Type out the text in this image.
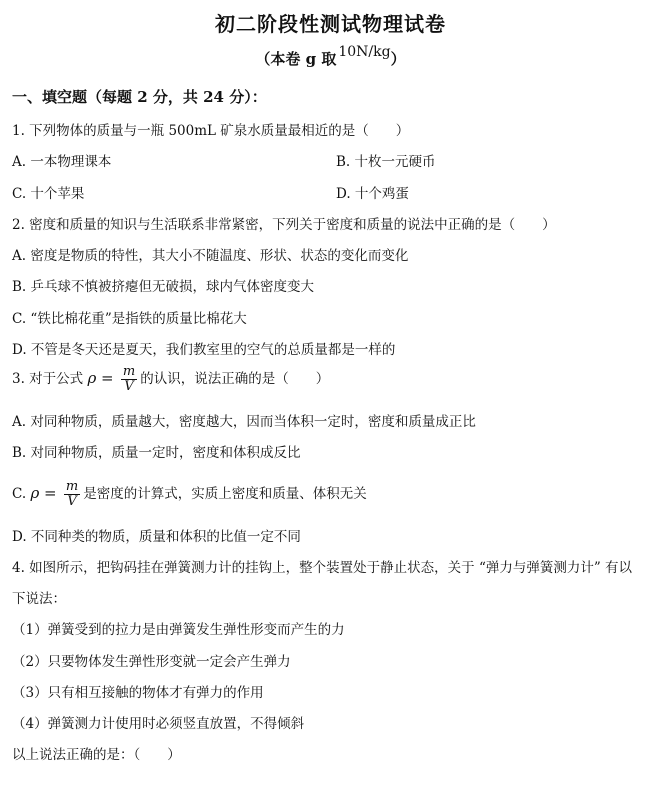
初二阶段性测试物理试卷
（本卷 g 取 10N/kg）
一、填空题（每题 2 分，共 24 分）：
1. 下列物体的质量与一瓶 500mL 矿泉水质量最相近的是（　　）
A. 一本物理课本	B. 十枚一元硬币
C. 十个苹果	D. 十个鸡蛋
2. 密度和质量的知识与生活联系非常紧密，下列关于密度和质量的说法中正确的是（　　）
A. 密度是物质的特性，其大小不随温度、形状、状态的变化而变化
B. 乒乓球不慎被挤瘪但无破损，球内气体密度变大
C. “铁比棉花重”是指铁的质量比棉花大
D. 不管是冬天还是夏天，我们教室里的空气的总质量都是一样的
3. 对于公式 $\rho = \frac{m}{V}$ 的认识，说法正确的是（　　）
A. 对同种物质，质量越大，密度越大，因而当体积一定时，密度和质量成正比
B. 对同种物质，质量一定时，密度和体积成反比
C. $\rho = \frac{m}{V}$ 是密度的计算式，实质上密度和质量、体积无关
D. 不同种类的物质，质量和体积的比值一定不同
4. 如图所示，把钩码挂在弹簧测力计的挂钩上，整个装置处于静止状态，关于 “弹力与弹簧测力计” 有以
下说法：
（1）弹簧受到的拉力是由弹簧发生弹性形变而产生的力
（2）只要物体发生弹性形变就一定会产生弹力
（3）只有相互接触的物体才有弹力的作用
（4）弹簧测力计使用时必须竖直放置，不得倾斜
以上说法正确的是：（　　）
